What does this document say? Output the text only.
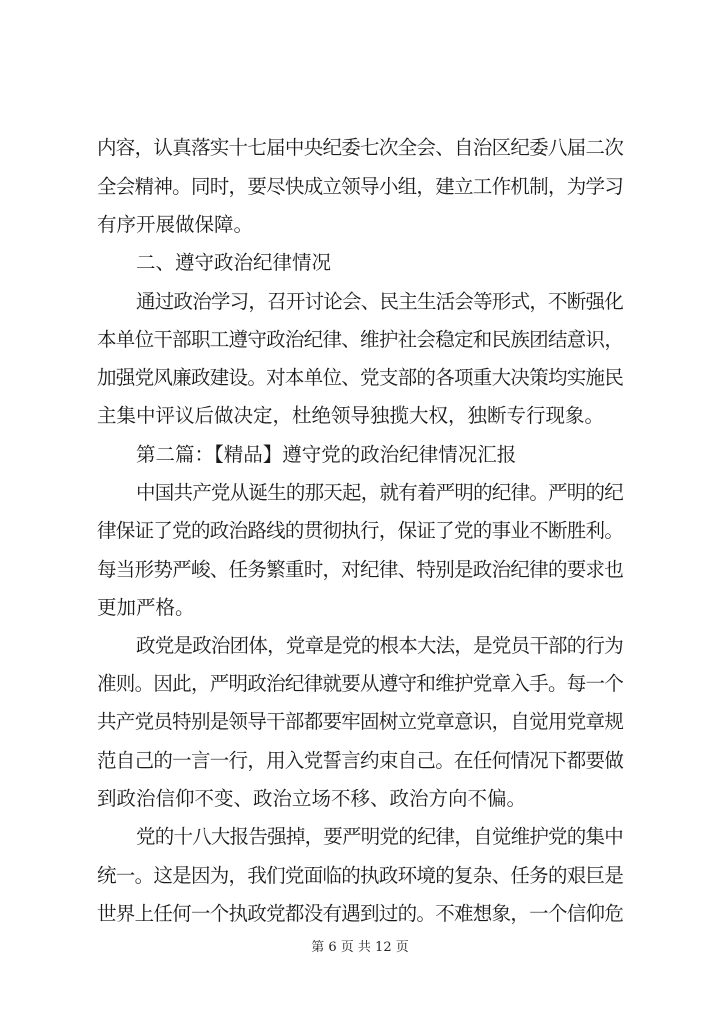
内容，认真落实十七届中央纪委七次全会、自治区纪委八届二次
全会精神。同时，要尽快成立领导小组，建立工作机制，为学习
有序开展做保障。
二、遵守政治纪律情况
通过政治学习，召开讨论会、民主生活会等形式，不断强化
本单位干部职工遵守政治纪律、维护社会稳定和民族团结意识，
加强党风廉政建设。对本单位、党支部的各项重大决策均实施民
主集中评议后做决定，杜绝领导独揽大权，独断专行现象。
第二篇：【精品】遵守党的政治纪律情况汇报
中国共产党从诞生的那天起，就有着严明的纪律。严明的纪
律保证了党的政治路线的贯彻执行，保证了党的事业不断胜利。
每当形势严峻、任务繁重时，对纪律、特别是政治纪律的要求也
更加严格。
政党是政治团体，党章是党的根本大法，是党员干部的行为
准则。因此，严明政治纪律就要从遵守和维护党章入手。每一个
共产党员特别是领导干部都要牢固树立党章意识，自觉用党章规
范自己的一言一行，用入党誓言约束自己。在任何情况下都要做
到政治信仰不变、政治立场不移、政治方向不偏。
党的十八大报告强掉，要严明党的纪律，自觉维护党的集中
统一。这是因为，我们党面临的执政环境的复杂、任务的艰巨是
世界上任何一个执政党都没有遇到过的。不难想象，一个信仰危
第 6 页 共 12 页
